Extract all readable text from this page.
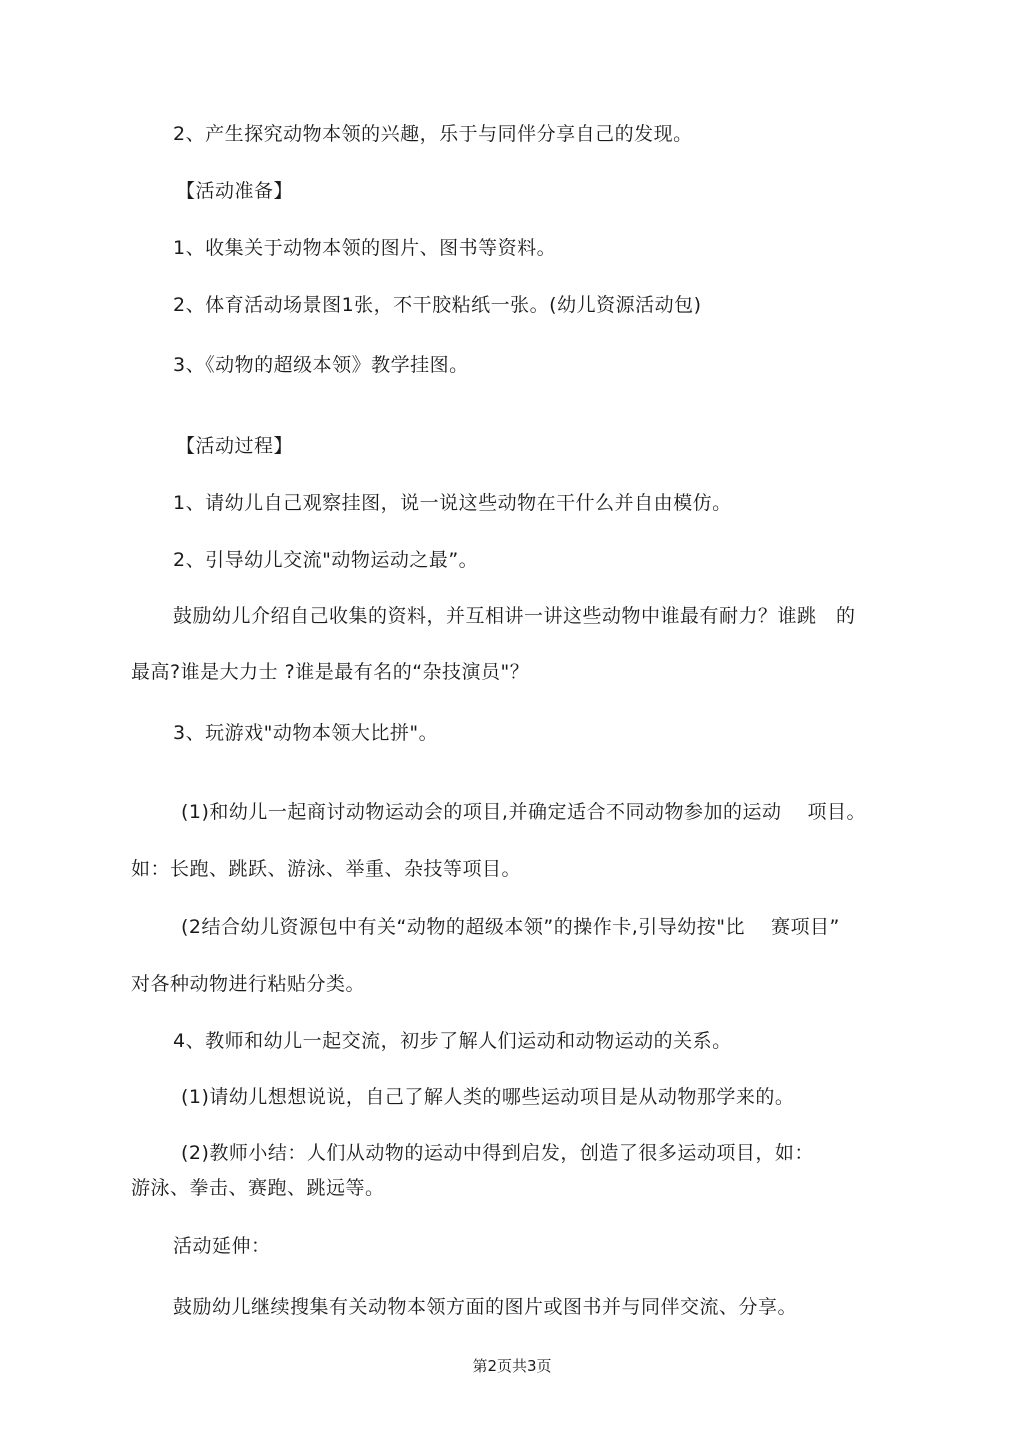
2、产生探究动物本领的兴趣，乐于与同伴分享自己的发现。
【活动准备】
1、收集关于动物本领的图片、图书等资料。
2、体育活动场景图1张，不干胶粘纸一张。(幼儿资源活动包)
3、《动物的超级本领》教学挂图。
【活动过程】
1、请幼儿自己观察挂图，说一说这些动物在干什么并自由模仿。
2、引导幼儿交流"动物运动之最”。
鼓励幼儿介绍自己收集的资料，并互相讲一讲这些动物中谁最有耐力？谁跳　的
最高?谁是大力士 ?谁是最有名的“杂技演员"？
3、玩游戏"动物本领大比拼"。
(1)和幼儿一起商讨动物运动会的项目,并确定适合不同动物参加的运动　 项目。
如：长跑、跳跃、游泳、举重、杂技等项目。
(2结合幼儿资源包中有关“动物的超级本领”的操作卡,引导幼按"比　 赛项目”
对各种动物进行粘贴分类。
4、教师和幼儿一起交流，初步了解人们运动和动物运动的关系。
(1)请幼儿想想说说，自己了解人类的哪些运动项目是从动物那学来的。
(2)教师小结：人们从动物的运动中得到启发，创造了很多运动项目，如：
游泳、拳击、赛跑、跳远等。
活动延伸：
鼓励幼儿继续搜集有关动物本领方面的图片或图书并与同伴交流、分享。
第2页共3页
